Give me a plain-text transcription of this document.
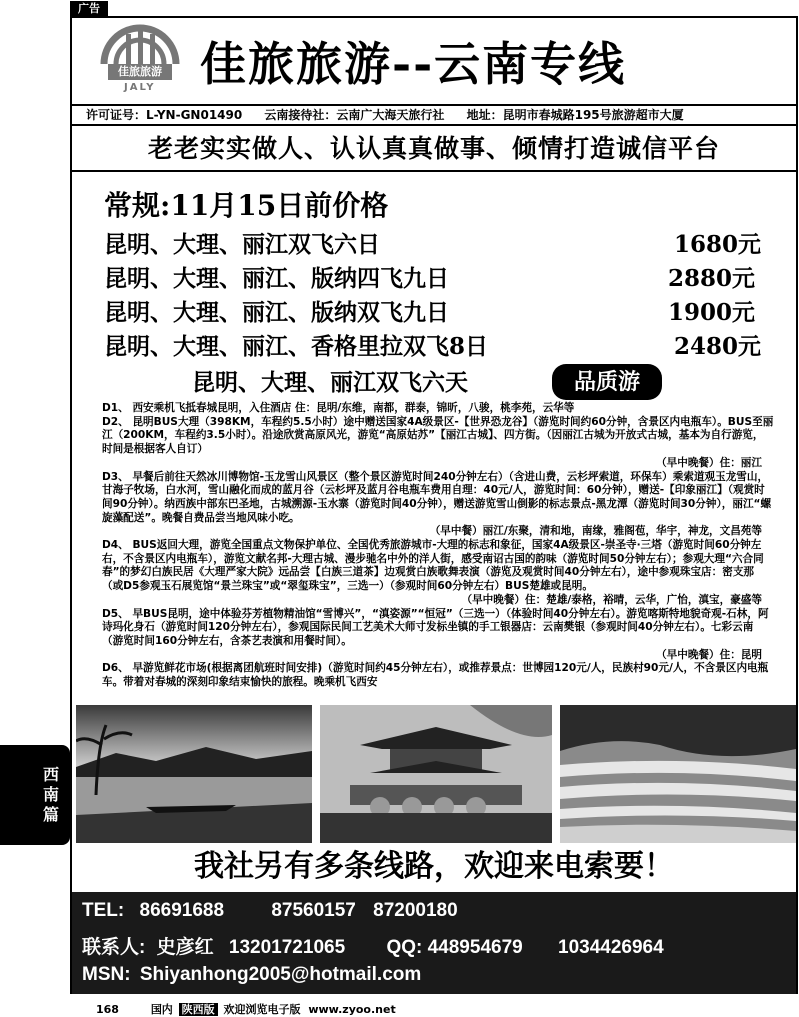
广告
佳旅旅游
JALY 佳旅旅游--云南专线
许可证号：L-YN-GN01490 云南接待社：云南广大海天旅行社 地址：昆明市春城路195号旅游超市大厦
老老实实做人、认认真真做事、倾情打造诚信平台
常规:11月15日前价格
昆明、大理、丽江双飞六日	1680元
昆明、大理、丽江、版纳四飞九日	2880元
昆明、大理、丽江、版纳双飞九日	1900元
昆明、大理、丽江、香格里拉双飞8日	2480元
昆明、大理、丽江双飞六天	品质游

D1、 西安乘机飞抵春城昆明，入住酒店 住：昆明/东维，南都，群泰，锦昕，八骏，桃李苑，云华等

D2、 昆明BUS大理（398KM，车程约5.5小时）途中赠送国家4A级景区-【世界恐龙谷】（游览时间约60分钟，含景区内电瓶车）。BUS至丽江（200KM，车程约3.5小时）。沿途欣赏高原风光，游览“高原姑苏”【丽江古城】、四方街。（因丽江古城为开放式古城，基本为自行游览，时间是根据客人自订）

（早中晚餐）住：丽江

D3、 早餐后前往天然冰川博物馆-玉龙雪山风景区（整个景区游览时间240分钟左右）（含进山费，云杉坪索道，环保车）乘索道观玉龙雪山，甘海子牧场，白水河，雪山融化而成的蓝月谷（云杉坪及蓝月谷电瓶车费用自理：40元/人，游览时间：60分钟），赠送-【印象丽江】（观赏时间90分钟）。纳西族中部东巴圣地，古城溯源-玉水寨（游览时间40分钟），赠送游览雪山倒影的标志景点-黑龙潭（游览时间30分钟），丽江“螺旋藻配送”。晚餐自费品尝当地风味小吃。

（早中餐）丽江/东聚，清和地，南缘，雅阁苞，华宇，神龙，文昌苑等

D4、 BUS返回大理，游览全国重点文物保护单位、全国优秀旅游城市-大理的标志和象征，国家4A级景区-崇圣寺·三塔（游览时间60分钟左右，不含景区内电瓶车），游览文献名邦-大理古城、漫步驰名中外的洋人街，感受南诏古国的韵味（游览时间50分钟左右）；参观大理“六合同春”的梦幻白族民居《大理严家大院》远品尝【白族三道茶】边观赏白族歌舞表演（游览及观赏时间40分钟左右），途中参观珠宝店：密支那（或D5参观玉石展览馆“景兰珠宝”或“翠玺珠宝”，三选一）（参观时间60分钟左右）BUS楚雄或昆明。

（早中晚餐）住：楚雄/泰格，裕晴，云华，广怡，滇宝，豪盛等

D5、 早BUS昆明，途中体验芬芳植物精油馆“雪博兴”，“滇姿源”“恒冠”（三选一）（体验时间40分钟左右）。游览喀斯特地貌奇观-石林，阿诗玛化身石（游览时间120分钟左右），参观国际民间工艺美术大师寸发标坐镇的手工银器店：云南樊银（参观时间40分钟左右）。七彩云南（游览时间160分钟左右，含茶艺表演和用餐时间）。

（早中晚餐）住：昆明

D6、 早游览鲜花市场(根据离团航班时间安排)（游览时间约45分钟左右），或推荐景点：世博园120元/人，民族村90元/人，不含景区内电瓶车。带着对春城的深刻印象结束愉快的旅程。晚乘机飞西安

我社另有多条线路，欢迎来电索要！
TEL: 86691688 87560157 87200180
联系人: 史彦红 13201721065 QQ: 448954679 1034426964
MSN: Shiyanhong2005@hotmail.com
西
南
篇
168	国内 陕西版 欢迎浏览电子版 www.zyoo.net
